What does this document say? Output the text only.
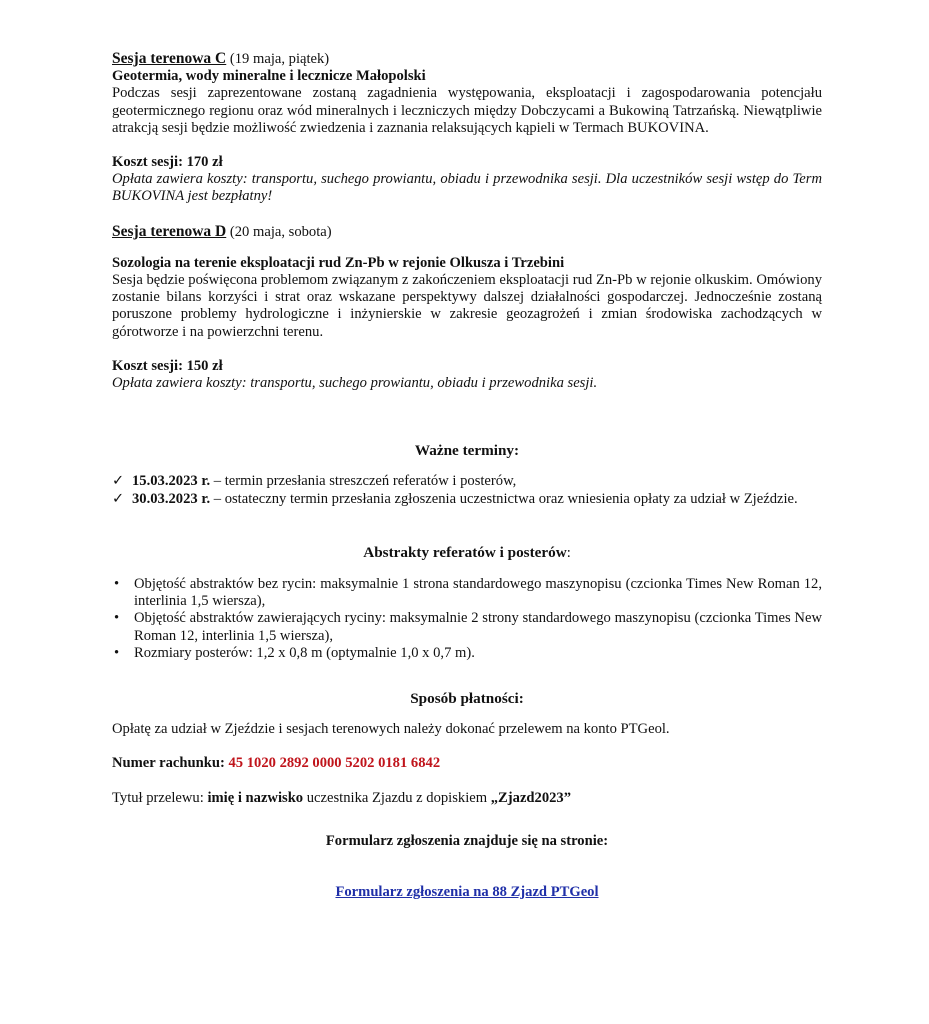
Sesja terenowa C (19 maja, piątek)

Geotermia, wody mineralne i lecznicze Małopolski

Podczas sesji zaprezentowane zostaną zagadnienia występowania, eksploatacji i zagospodarowania potencjału geotermicznego regionu oraz wód mineralnych i leczniczych między Dobczycami a Bukowiną Tatrzańską. Niewątpliwie atrakcją sesji będzie możliwość zwiedzenia i zaznania relaksujących kąpieli w Termach BUKOVINA.

Koszt sesji: 170 zł

Opłata zawiera koszty: transportu, suchego prowiantu, obiadu i przewodnika sesji. Dla uczestników sesji wstęp do Term BUKOVINA jest bezpłatny!

Sesja terenowa D (20 maja, sobota)

Sozologia na terenie eksploatacji rud Zn-Pb w rejonie Olkusza i Trzebini

Sesja będzie poświęcona problemom związanym z zakończeniem eksploatacji rud Zn-Pb w rejonie olkuskim. Omówiony zostanie bilans korzyści i strat oraz wskazane perspektywy dalszej działalności gospodarczej. Jednocześnie zostaną poruszone problemy hydrologiczne i inżynierskie w zakresie geozagrożeń i zmian środowiska zachodzących w górotworze i na powierzchni terenu.

Koszt sesji: 150 zł

Opłata zawiera koszty: transportu, suchego prowiantu, obiadu i przewodnika sesji.

Ważne terminy:

✓ 15.03.2023 r. – termin przesłania streszczeń referatów i posterów,
✓ 30.03.2023 r. – ostateczny termin przesłania zgłoszenia uczestnictwa oraz wniesienia opłaty za udział w Zjeździe.

Abstrakty referatów i posterów:

• Objętość abstraktów bez rycin: maksymalnie 1 strona standardowego maszynopisu (czcionka Times New Roman 12, interlinia 1,5 wiersza),
• Objętość abstraktów zawierających ryciny: maksymalnie 2 strony standardowego maszynopisu (czcionka Times New Roman 12, interlinia 1,5 wiersza),
• Rozmiary posterów: 1,2 x 0,8 m (optymalnie 1,0 x 0,7 m).

Sposób płatności:

Opłatę za udział w Zjeździe i sesjach terenowych należy dokonać przelewem na konto PTGeol.

Numer rachunku: 45 1020 2892 0000 5202 0181 6842

Tytuł przelewu: imię i nazwisko uczestnika Zjazdu z dopiskiem „Zjazd2023”

Formularz zgłoszenia znajduje się na stronie:

Formularz zgłoszenia na 88 Zjazd PTGeol
